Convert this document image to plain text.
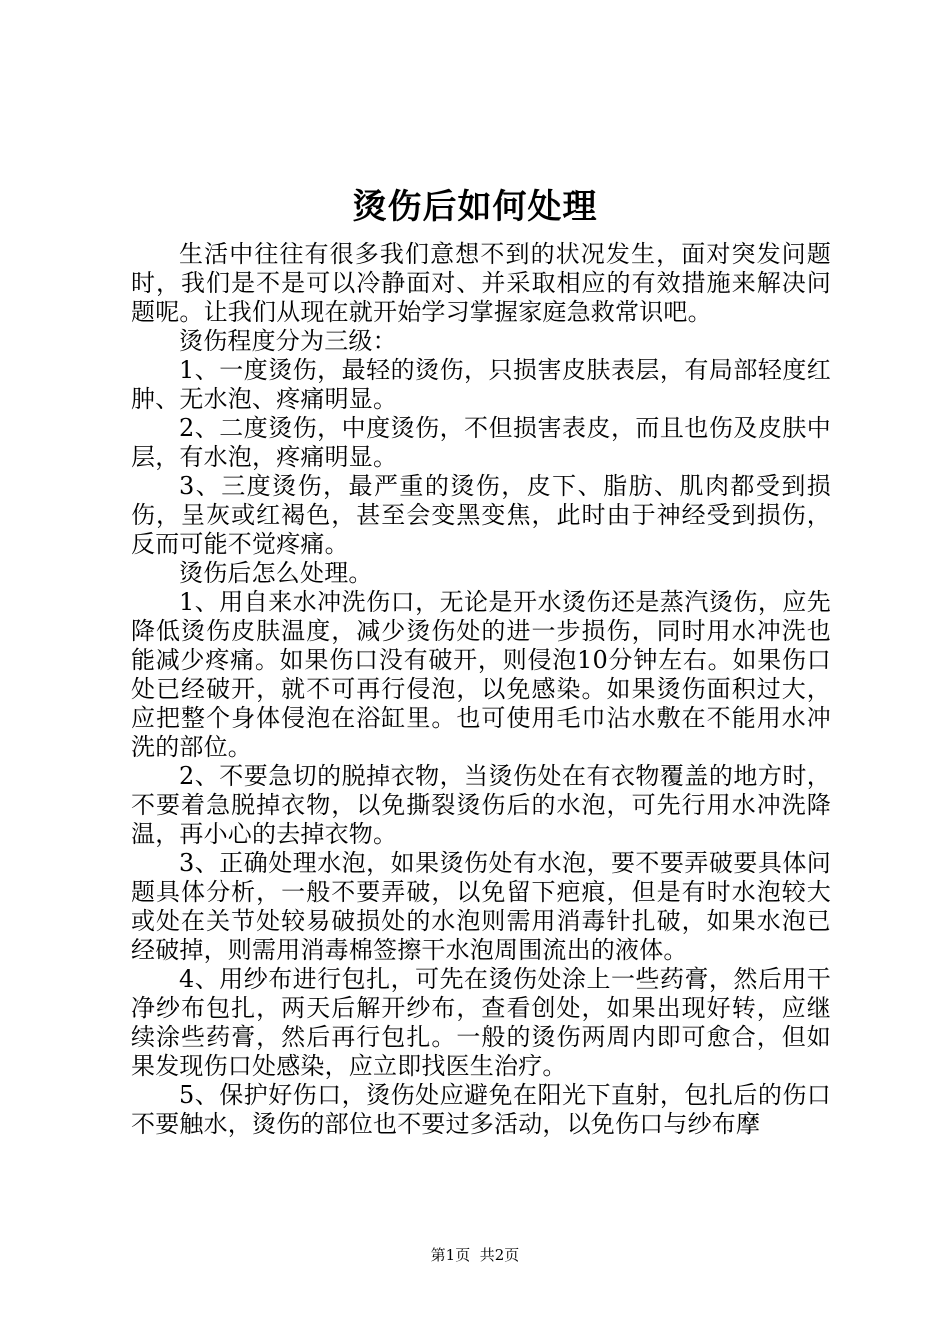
烫伤后如何处理

生活中往往有很多我们意想不到的状况发生，面对突发问题时，我们是不是可以冷静面对、并采取相应的有效措施来解决问题呢。让我们从现在就开始学习掌握家庭急救常识吧。

烫伤程度分为三级：

1、一度烫伤，最轻的烫伤，只损害皮肤表层，有局部轻度红肿、无水泡、疼痛明显。

2、二度烫伤，中度烫伤，不但损害表皮，而且也伤及皮肤中层，有水泡，疼痛明显。

3、三度烫伤，最严重的烫伤，皮下、脂肪、肌肉都受到损伤，呈灰或红褐色，甚至会变黑变焦，此时由于神经受到损伤，反而可能不觉疼痛。

烫伤后怎么处理。

1、用自来水冲洗伤口，无论是开水烫伤还是蒸汽烫伤，应先降低烫伤皮肤温度，减少烫伤处的进一步损伤，同时用水冲洗也能减少疼痛。如果伤口没有破开，则侵泡10分钟左右。如果伤口处已经破开，就不可再行侵泡，以免感染。如果烫伤面积过大，应把整个身体侵泡在浴缸里。也可使用毛巾沾水敷在不能用水冲洗的部位。

2、不要急切的脱掉衣物，当烫伤处在有衣物覆盖的地方时，不要着急脱掉衣物，以免撕裂烫伤后的水泡，可先行用水冲洗降温，再小心的去掉衣物。

3、正确处理水泡，如果烫伤处有水泡，要不要弄破要具体问题具体分析，一般不要弄破，以免留下疤痕，但是有时水泡较大或处在关节处较易破损处的水泡则需用消毒针扎破，如果水泡已经破掉，则需用消毒棉签擦干水泡周围流出的液体。

4、用纱布进行包扎，可先在烫伤处涂上一些药膏，然后用干净纱布包扎，两天后解开纱布，查看创处，如果出现好转，应继续涂些药膏，然后再行包扎。一般的烫伤两周内即可愈合，但如果发现伤口处感染，应立即找医生治疗。

5、保护好伤口，烫伤处应避免在阳光下直射，包扎后的伤口不要触水，烫伤的部位也不要过多活动，以免伤口与纱布摩

第1页 共2页
